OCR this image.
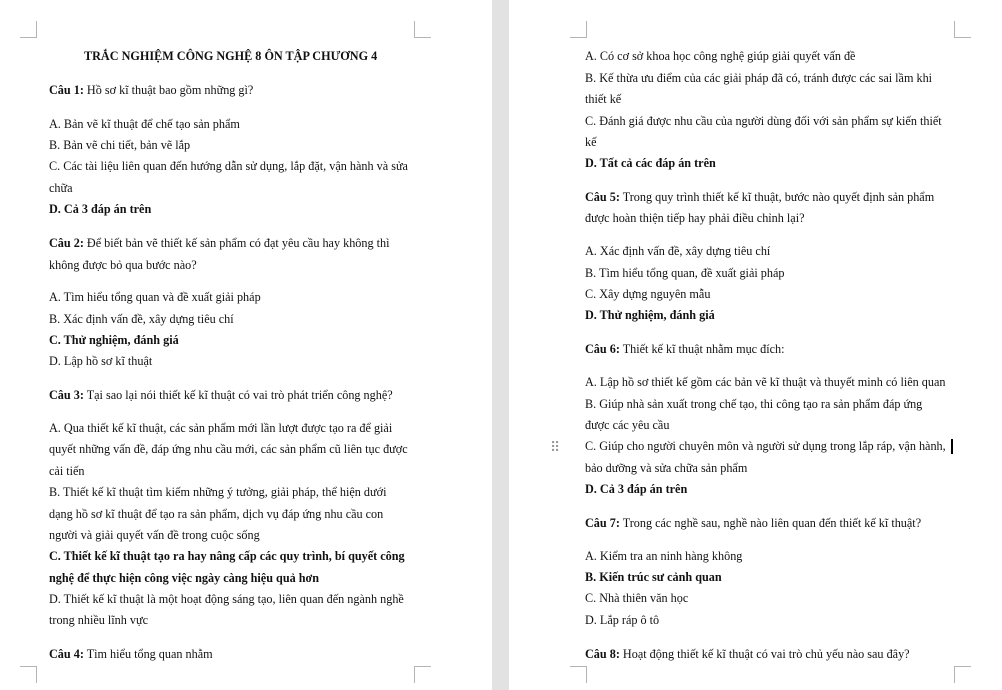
TRẮC NGHIỆM CÔNG NGHỆ 8 ÔN TẬP CHƯƠNG 4
Câu 1: Hồ sơ kĩ thuật bao gồm những gì?
A. Bản vẽ kĩ thuật để chế tạo sản phẩm
B. Bản vẽ chi tiết, bản vẽ lắp
C. Các tài liệu liên quan đến hướng dẫn sử dụng, lắp đặt, vận hành và sửa
chữa
D. Cả 3 đáp án trên
Câu 2: Để biết bản vẽ thiết kế sản phẩm có đạt yêu cầu hay không thì
không được bỏ qua bước nào?
A. Tìm hiểu tổng quan và đề xuất giải pháp
B. Xác định vấn đề, xây dựng tiêu chí
C. Thử nghiệm, đánh giá
D. Lập hồ sơ kĩ thuật
Câu 3: Tại sao lại nói thiết kế kĩ thuật có vai trò phát triển công nghệ?
A. Qua thiết kế kĩ thuật, các sản phẩm mới lần lượt được tạo ra để giải
quyết những vấn đề, đáp ứng nhu cầu mới, các sản phẩm cũ liên tục được
cải tiến
B. Thiết kế kĩ thuật tìm kiếm những ý tưởng, giải pháp, thể hiện dưới
dạng hồ sơ kĩ thuật để tạo ra sản phẩm, dịch vụ đáp ứng nhu cầu con
người và giải quyết vấn đề trong cuộc sống
C. Thiết kế kĩ thuật tạo ra hay nâng cấp các quy trình, bí quyết công
nghệ để thực hiện công việc ngày càng hiệu quả hơn
D. Thiết kế kĩ thuật là một hoạt động sáng tạo, liên quan đến ngành nghề
trong nhiều lĩnh vực
Câu 4: Tìm hiểu tổng quan nhằm
A. Có cơ sở khoa học công nghệ giúp giải quyết vấn đề
B. Kế thừa ưu điểm của các giải pháp đã có, tránh được các sai lầm khi
thiết kế
C. Đánh giá được nhu cầu của người dùng đối với sản phẩm sự kiến thiết
kế
D. Tất cả các đáp án trên
Câu 5: Trong quy trình thiết kế kĩ thuật, bước nào quyết định sản phẩm
được hoàn thiện tiếp hay phải điều chỉnh lại?
A. Xác định vấn đề, xây dựng tiêu chí
B. Tìm hiểu tổng quan, đề xuất giải pháp
C. Xây dựng nguyên mẫu
D. Thử nghiệm, đánh giá
Câu 6: Thiết kế kĩ thuật nhằm mục đích:
A. Lập hồ sơ thiết kế gồm các bản vẽ kĩ thuật và thuyết minh có liên quan
B. Giúp nhà sản xuất trong chế tạo, thi công tạo ra sản phẩm đáp ứng
được các yêu cầu
C. Giúp cho người chuyên môn và người sử dụng trong lắp ráp, vận hành,
bảo dưỡng và sửa chữa sản phẩm
D. Cả 3 đáp án trên
Câu 7: Trong các nghề sau, nghề nào liên quan đến thiết kế kĩ thuật?
A. Kiểm tra an ninh hàng không
B. Kiến trúc sư cảnh quan
C. Nhà thiên văn học
D. Lắp ráp ô tô
Câu 8: Hoạt động thiết kế kĩ thuật có vai trò chủ yếu nào sau đây?
⠿
